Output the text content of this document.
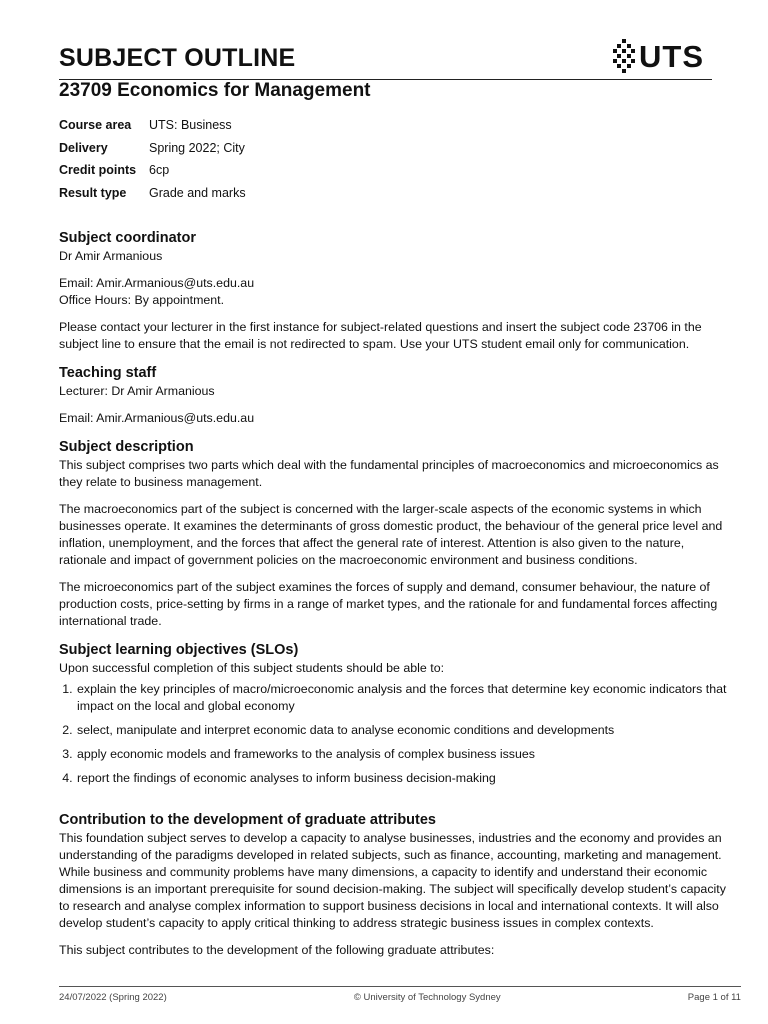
SUBJECT OUTLINE	UTS
23709 Economics for Management
Course area	UTS: Business
Delivery	Spring 2022; City
Credit points	6cp
Result type	Grade and marks
Subject coordinator

Dr Amir Armanious

Email: Amir.Armanious@uts.edu.au

Office Hours: By appointment.

Please contact your lecturer in the first instance for subject-related questions and insert the subject code 23706 in the subject line to ensure that the email is not redirected to spam. Use your UTS student email only for communication.

Teaching staff

Lecturer: Dr Amir Armanious

Email: Amir.Armanious@uts.edu.au

Subject description

This subject comprises two parts which deal with the fundamental principles of macroeconomics and microeconomics as they relate to business management.

The macroeconomics part of the subject is concerned with the larger-scale aspects of the economic systems in which businesses operate. It examines the determinants of gross domestic product, the behaviour of the general price level and inflation, unemployment, and the forces that affect the general rate of interest. Attention is also given to the nature, rationale and impact of government policies on the macroeconomic environment and business conditions.

The microeconomics part of the subject examines the forces of supply and demand, consumer behaviour, the nature of production costs, price-setting by firms in a range of market types, and the rationale for and fundamental forces affecting international trade.

Subject learning objectives (SLOs)

Upon successful completion of this subject students should be able to:

1. explain the key principles of macro/microeconomic analysis and the forces that determine key economic indicators that impact on the local and global economy
2. select, manipulate and interpret economic data to analyse economic conditions and developments
3. apply economic models and frameworks to the analysis of complex business issues
4. report the findings of economic analyses to inform business decision-making
Contribution to the development of graduate attributes

This foundation subject serves to develop a capacity to analyse businesses, industries and the economy and provides an understanding of the paradigms developed in related subjects, such as finance, accounting, marketing and management. While business and community problems have many dimensions, a capacity to identify and understand their economic dimensions is an important prerequisite for sound decision-making. The subject will specifically develop student’s capacity to research and analyse complex information to support business decisions in local and international contexts. It will also develop student’s capacity to apply critical thinking to address strategic business issues in complex contexts.

This subject contributes to the development of the following graduate attributes:

24/07/2022 (Spring 2022)	© University of Technology Sydney	Page 1 of 11
